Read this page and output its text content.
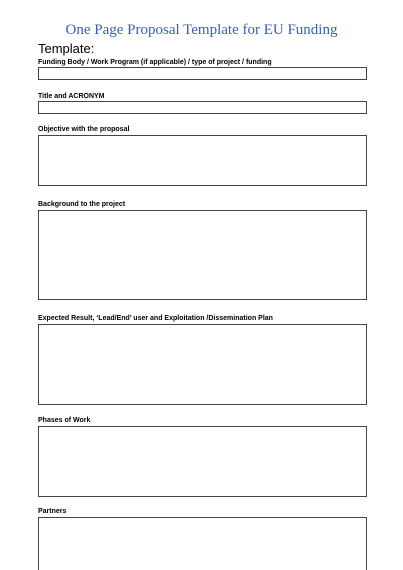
One Page Proposal Template for EU Funding
Template:
Funding Body / Work Program (if applicable) / type of project / funding
Title and ACRONYM
Objective with the proposal
Background to the project
Expected Result, ‘Lead/End’ user and Exploitation /Dissemination Plan
Phases of Work
Partners
